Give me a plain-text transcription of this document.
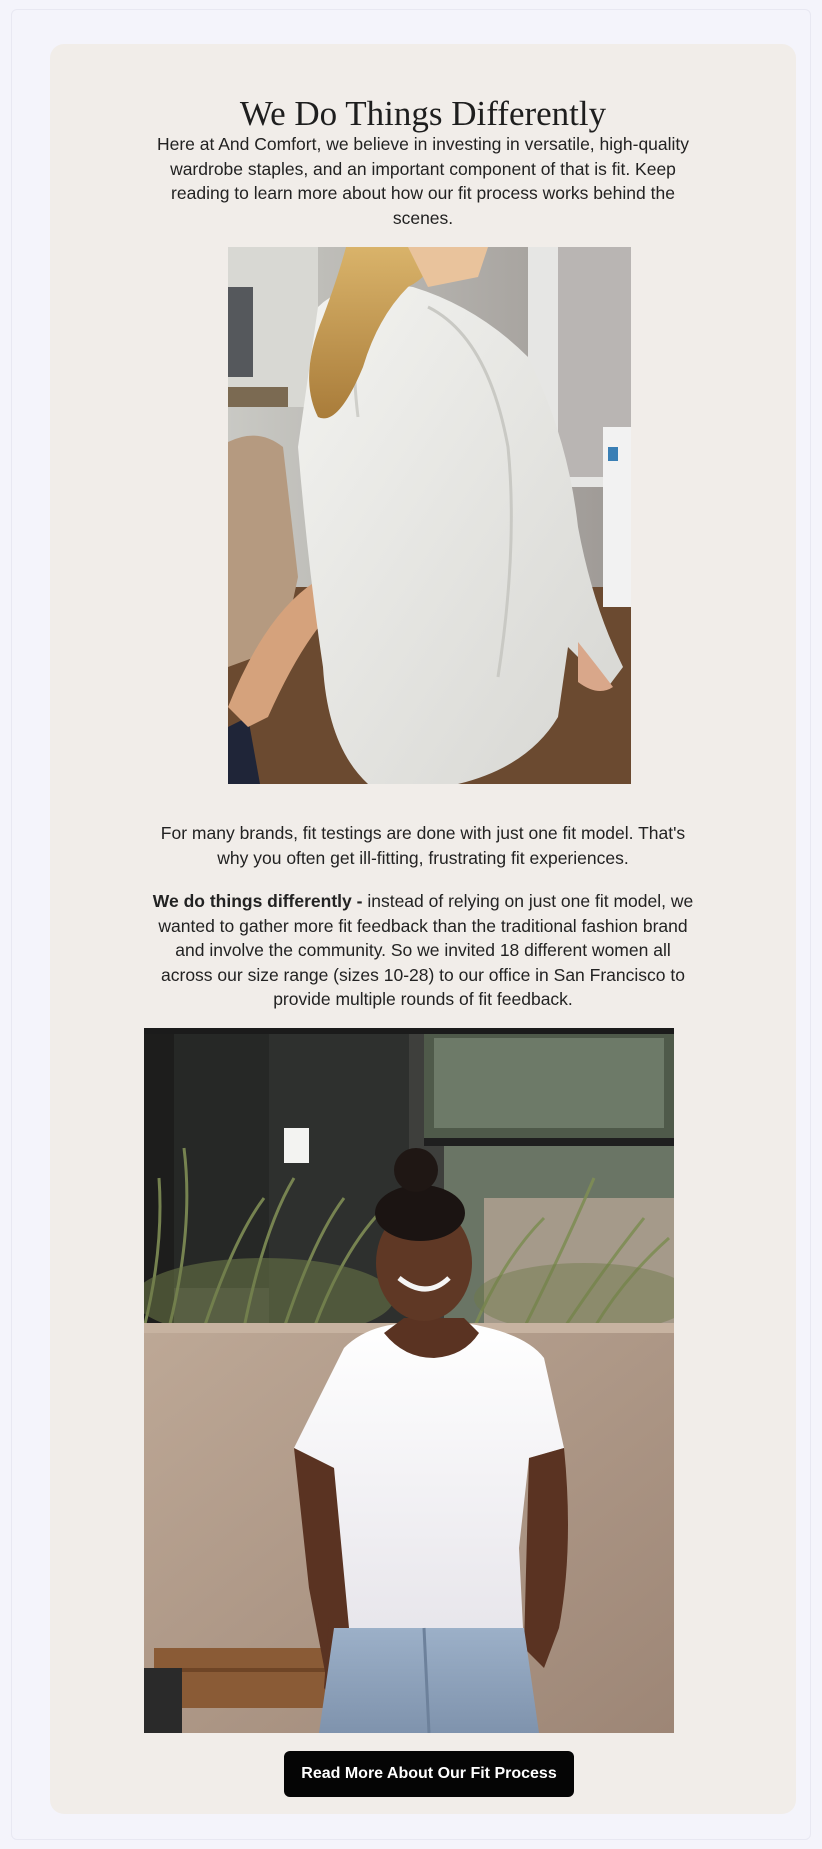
We Do Things Differently

Here at And Comfort, we believe in investing in versatile, high-quality wardrobe staples, and an important component of that is fit. Keep reading to learn more about how our fit process works behind the scenes.

For many brands, fit testings are done with just one fit model. That's why you often get ill-fitting, frustrating fit experiences.

We do things differently - instead of relying on just one fit model, we wanted to gather more fit feedback than the traditional fashion brand and involve the community. So we invited 18 different women all across our size range (sizes 10-28) to our office in San Francisco to provide multiple rounds of fit feedback.

Read More About Our Fit Process
